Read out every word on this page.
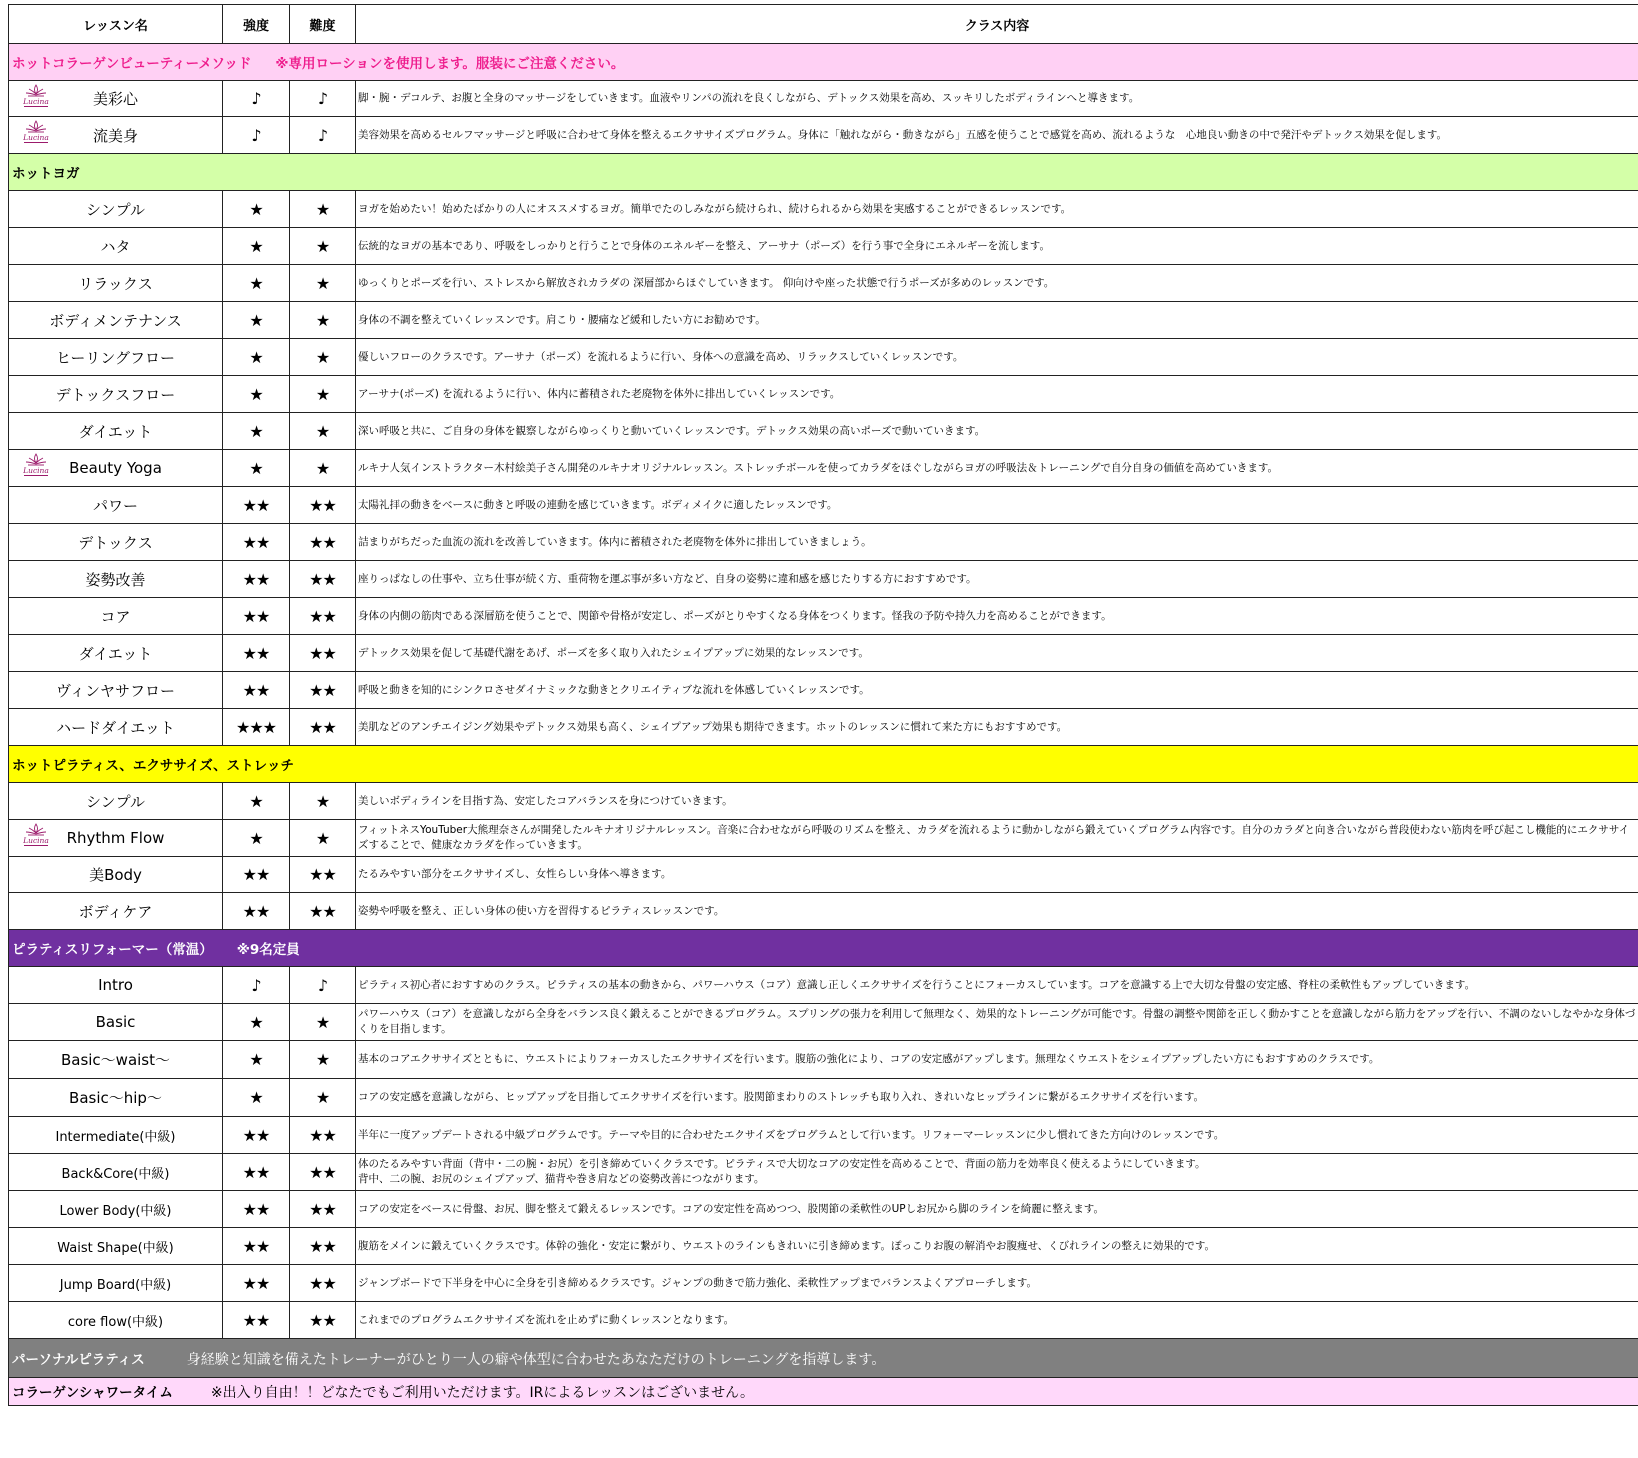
レッスン名	強度	難度	クラス内容
ホットコラーゲンビューティーメソッド ※専用ローションを使用します。服装にご注意ください。			

Lucina 美彩心	♪	♪	脚・腕・デコルテ、お腹と全身のマッサージをしていきます。血液やリンパの流れを良くしながら、デトックス効果を高め、スッキリしたボディラインへと導きます。

Lucina 流美身	♪	♪	美容効果を高めるセルフマッサージと呼吸に合わせて身体を整えるエクササイズプログラム。身体に「触れながら・動きながら」五感を使うことで感覚を高め、流れるような　心地良い動きの中で発汗やデトックス効果を促します。

ホットヨガ			
シンプル	★	★	ヨガを始めたい！始めたばかりの人にオススメするヨガ。簡単でたのしみながら続けられ、続けられるから効果を実感することができるレッスンです。

ハタ	★	★	伝統的なヨガの基本であり、呼吸をしっかりと行うことで身体のエネルギーを整え、アーサナ（ポーズ）を行う事で全身にエネルギーを流します。

リラックス	★	★	ゆっくりとポーズを行い、ストレスから解放されカラダの 深層部からほぐしていきます。 仰向けや座った状態で行うポーズが多めのレッスンです。

ボディメンテナンス	★	★	身体の不調を整えていくレッスンです。肩こり・腰痛など緩和したい方にお勧めです。

ヒーリングフロー	★	★	優しいフローのクラスです。アーサナ（ポーズ）を流れるように行い、身体への意識を高め、リラックスしていくレッスンです。

デトックスフロー	★	★	アーサナ(ポーズ) を流れるように行い、体内に蓄積された老廃物を体外に排出していくレッスンです。

ダイエット	★	★	深い呼吸と共に、ご自身の身体を観察しながらゆっくりと動いていくレッスンです。デトックス効果の高いポーズで動いていきます。

Lucina Beauty Yoga	★	★	ルキナ人気インストラクター木村絵美子さん開発のルキナオリジナルレッスン。ストレッチボールを使ってカラダをほぐしながらヨガの呼吸法＆トレーニングで自分自身の価値を高めていきます。

パワー	★★	★★	太陽礼拝の動きをベースに動きと呼吸の連動を感じていきます。ボディメイクに適したレッスンです。

デトックス	★★	★★	詰まりがちだった血流の流れを改善していきます。体内に蓄積された老廃物を体外に排出していきましょう。

姿勢改善	★★	★★	座りっぱなしの仕事や、立ち仕事が続く方、重荷物を運ぶ事が多い方など、自身の姿勢に違和感を感じたりする方におすすめです。

コア	★★	★★	身体の内側の筋肉である深層筋を使うことで、関節や骨格が安定し、ポーズがとりやすくなる身体をつくります。怪我の予防や持久力を高めることができます。

ダイエット	★★	★★	デトックス効果を促して基礎代謝をあげ、ポーズを多く取り入れたシェイプアップに効果的なレッスンです。

ヴィンヤサフロー	★★	★★	呼吸と動きを知的にシンクロさせダイナミックな動きとクリエイティブな流れを体感していくレッスンです。

ハードダイエット	★★★	★★	美肌などのアンチエイジング効果やデトックス効果も高く、シェイプアップ効果も期待できます。ホットのレッスンに慣れて来た方にもおすすめです。

ホットピラティス、エクササイズ、ストレッチ			
シンプル	★	★	美しいボディラインを目指す為、安定したコアバランスを身につけていきます。

Lucina Rhythm Flow	★	★	フィットネスYouTuber大熊理奈さんが開発したルキナオリジナルレッスン。音楽に合わせながら呼吸のリズムを整え、カラダを流れるように動かしながら鍛えていくプログラム内容です。自分のカラダと向き合いながら普段使わない筋肉を呼び起こし機能的にエクササイズすることで、健康なカラダを作っていきます。

美Body	★★	★★	たるみやすい部分をエクササイズし、女性らしい身体へ導きます。

ボディケア	★★	★★	姿勢や呼吸を整え、正しい身体の使い方を習得するピラティスレッスンです。

ピラティスリフォーマー（常温） ※9名定員			
Intro	♪	♪	ピラティス初心者におすすめのクラス。ピラティスの基本の動きから、パワーハウス（コア）意識し正しくエクササイズを行うことにフォーカスしています。コアを意識する上で大切な骨盤の安定感、脊柱の柔軟性もアップしていきます。

Basic	★	★	パワーハウス（コア）を意識しながら全身をバランス良く鍛えることができるプログラム。スプリングの張力を利用して無理なく、効果的なトレーニングが可能です。骨盤の調整や関節を正しく動かすことを意識しながら筋力をアップを行い、不調のないしなやかな身体づくりを目指します。

Basic～waist～	★	★	基本のコアエクササイズとともに、ウエストによりフォーカスしたエクササイズを行います。腹筋の強化により、コアの安定感がアップします。無理なくウエストをシェイプアップしたい方にもおすすめのクラスです。

Basic～hip～	★	★	コアの安定感を意識しながら、ヒップアップを目指してエクササイズを行います。股関節まわりのストレッチも取り入れ、きれいなヒップラインに繋がるエクササイズを行います。

Intermediate(中級)	★★	★★	半年に一度アップデートされる中級プログラムです。テーマや目的に合わせたエクサイズをプログラムとして行います。リフォーマーレッスンに少し慣れてきた方向けのレッスンです。

Back&Core(中級)	★★	★★	体のたるみやすい背面（背中・二の腕・お尻）を引き締めていくクラスです。ピラティスで大切なコアの安定性を高めることで、背面の筋力を効率良く使えるようにしていきます。
背中、二の腕、お尻のシェイプアップ、猫背や巻き肩などの姿勢改善につながります。

Lower Body(中級)	★★	★★	コアの安定をベースに骨盤、お尻、脚を整えて鍛えるレッスンです。コアの安定性を高めつつ、股関節の柔軟性のUPしお尻から脚のラインを綺麗に整えます。

Waist Shape(中級)	★★	★★	腹筋をメインに鍛えていくクラスです。体幹の強化・安定に繋がり、ウエストのラインもきれいに引き締めます。ぽっこりお腹の解消やお腹痩せ、くびれラインの整えに効果的です。

Jump Board(中級)	★★	★★	ジャンプボードで下半身を中心に全身を引き締めるクラスです。ジャンプの動きで筋力強化、柔軟性アップまでバランスよくアプローチします。

core flow(中級)	★★	★★	これまでのプログラムエクササイズを流れを止めずに動くレッスンとなります。

パーソナルピラティス 身経験と知識を備えたトレーナーがひとり一人の癖や体型に合わせたあなただけのトレーニングを指導します。			
コラーゲンシャワータイム ※出入り自由！！どなたでもご利用いただけます。IRによるレッスンはございません。			
